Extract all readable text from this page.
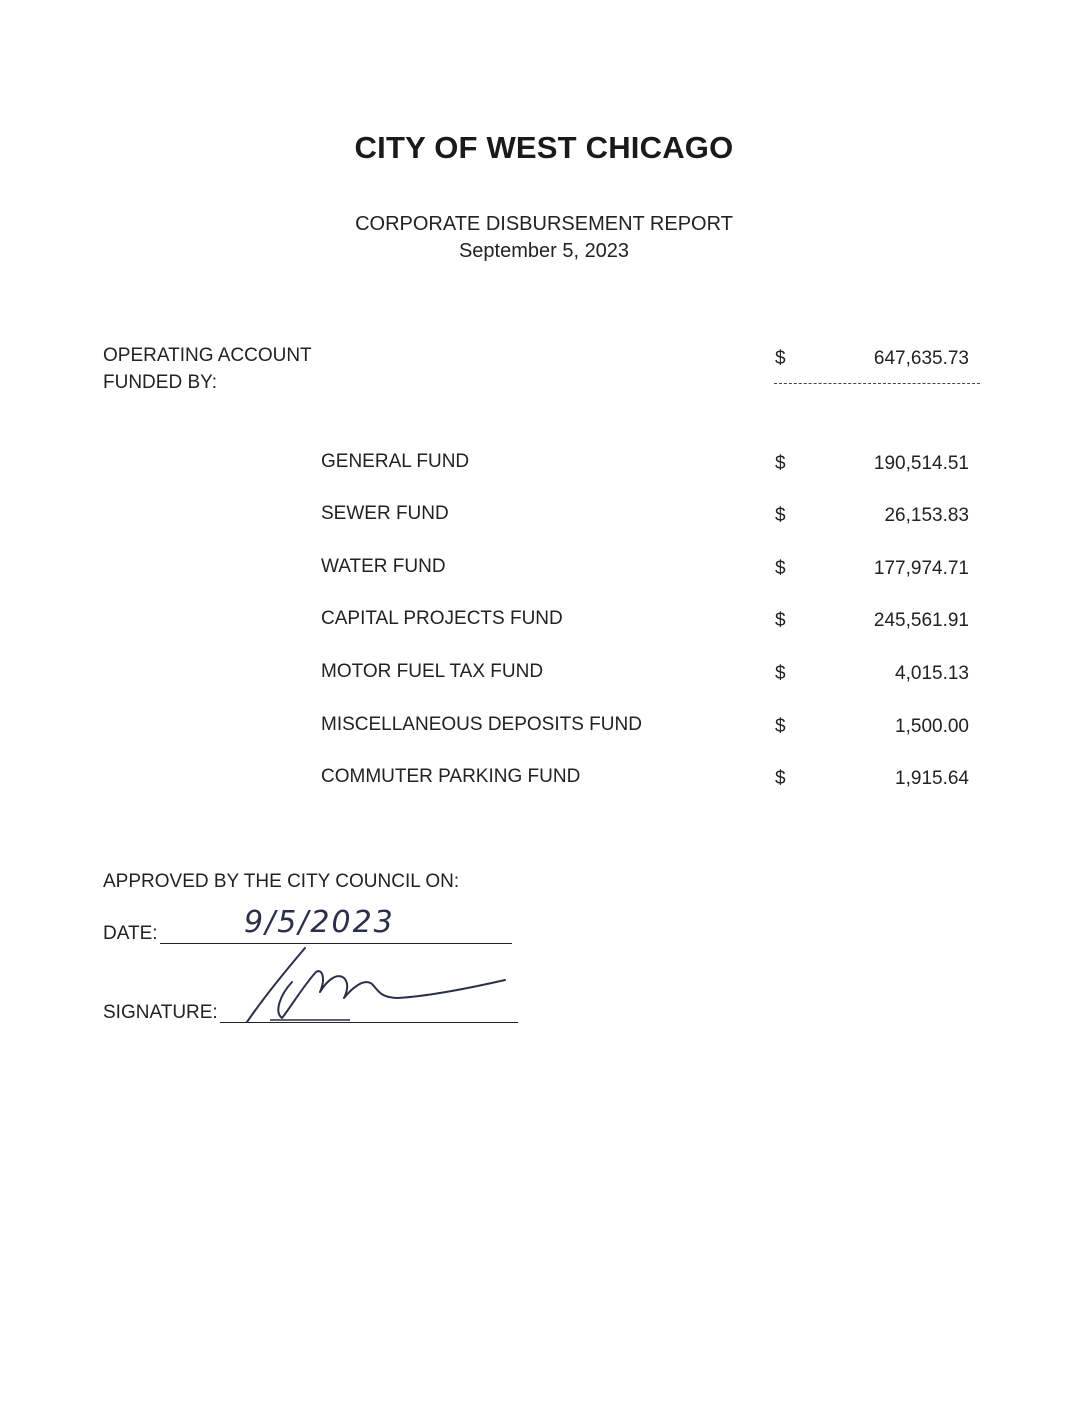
CITY OF WEST CHICAGO
CORPORATE DISBURSEMENT REPORT
September 5, 2023
OPERATING ACCOUNT
FUNDED BY:
$	647,635.73
GENERAL FUND	$	190,514.51
SEWER FUND	$	26,153.83
WATER FUND	$	177,974.71
CAPITAL PROJECTS FUND	$	245,561.91
MOTOR FUEL TAX FUND	$	4,015.13
MISCELLANEOUS DEPOSITS FUND	$	1,500.00
COMMUTER PARKING FUND	$	1,915.64
APPROVED BY THE CITY COUNCIL ON:
DATE:	9/5/2023
SIGNATURE:
